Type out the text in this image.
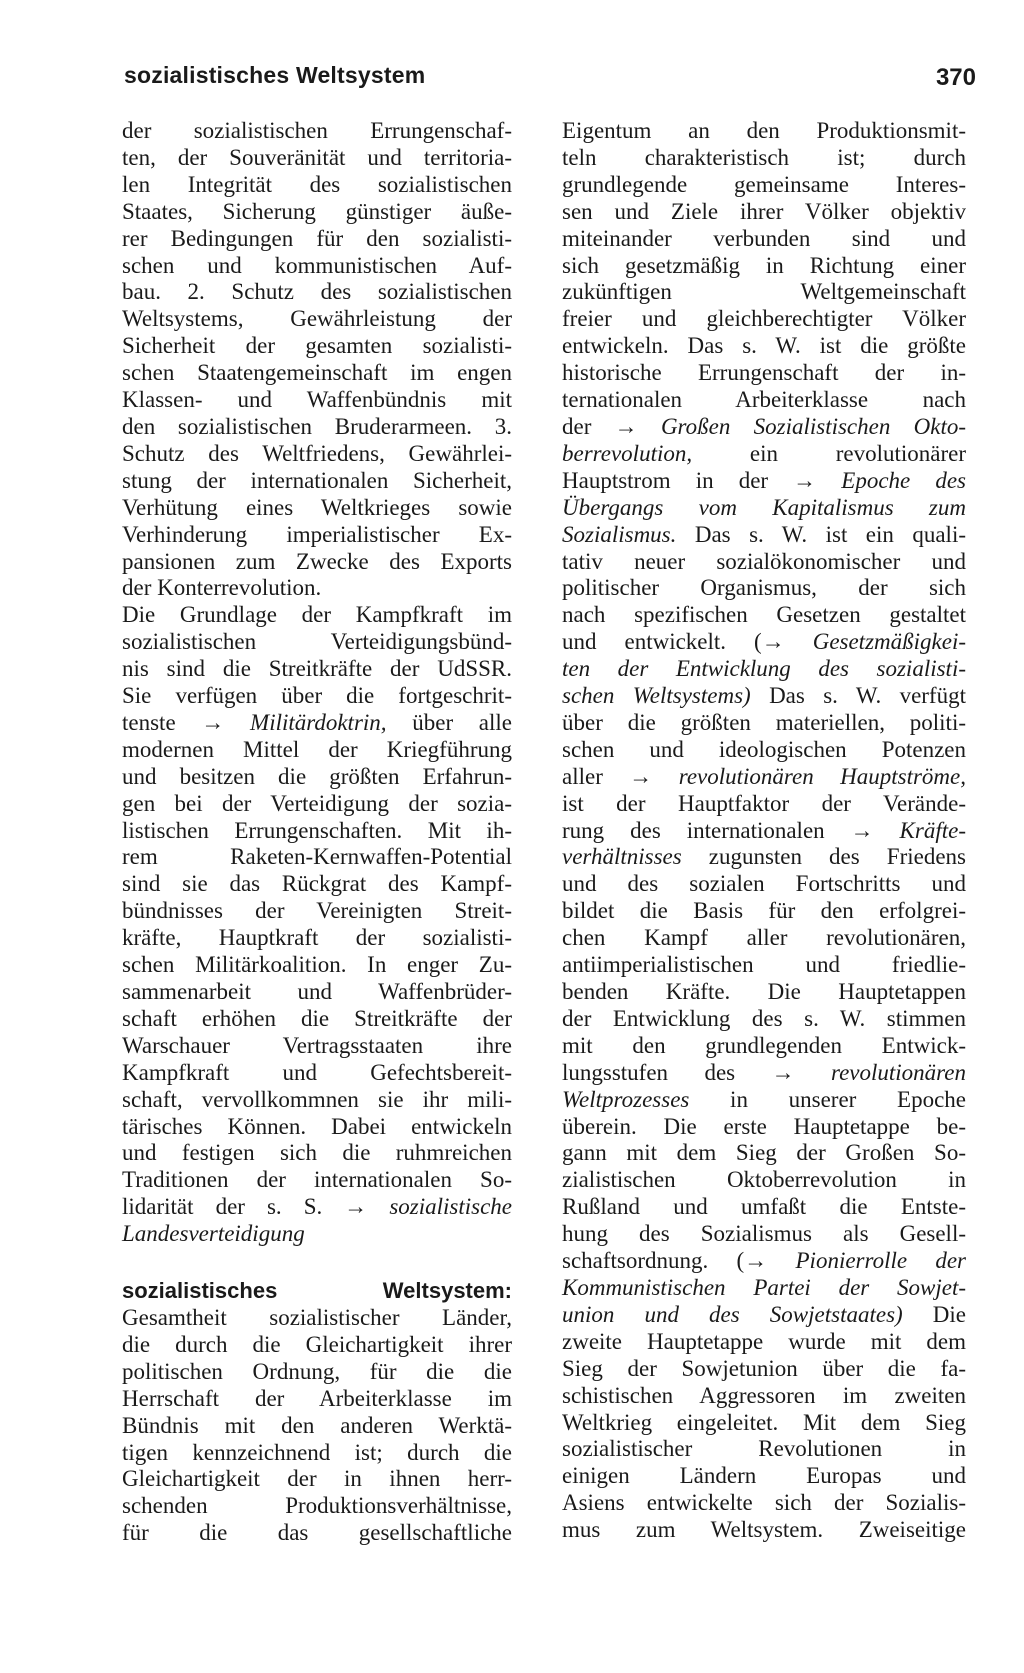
sozialistisches Weltsystem	370
der sozialistischen Errungenschaf-
ten, der Souveränität und territoria-
len Integrität des sozialistischen
Staates, Sicherung günstiger äuße-
rer Bedingungen für den sozialisti-
schen und kommunistischen Auf-
bau. 2. Schutz des sozialistischen
Weltsystems, Gewährleistung der
Sicherheit der gesamten sozialisti-
schen Staatengemeinschaft im engen
Klassen- und Waffenbündnis mit
den sozialistischen Bruderarmeen. 3.
Schutz des Weltfriedens, Gewährlei-
stung der internationalen Sicherheit,
Verhütung eines Weltkrieges sowie
Verhinderung imperialistischer Ex-
pansionen zum Zwecke des Exports
der Konterrevolution.
Die Grundlage der Kampfkraft im
sozialistischen Verteidigungsbünd-
nis sind die Streitkräfte der UdSSR.
Sie verfügen über die fortgeschrit-
tenste → Militärdoktrin, über alle
modernen Mittel der Kriegführung
und besitzen die größten Erfahrun-
gen bei der Verteidigung der sozia-
listischen Errungenschaften. Mit ih-
rem Raketen-Kernwaffen-Potential
sind sie das Rückgrat des Kampf-
bündnisses der Vereinigten Streit-
kräfte, Hauptkraft der sozialisti-
schen Militärkoalition. In enger Zu-
sammenarbeit und Waffenbrüder-
schaft erhöhen die Streitkräfte der
Warschauer Vertragsstaaten ihre
Kampfkraft und Gefechtsbereit-
schaft, vervollkommnen sie ihr mili-
tärisches Können. Dabei entwickeln
und festigen sich die ruhmreichen
Traditionen der internationalen So-
lidarität der s. S. → sozialistische
Landesverteidigung
sozialistisches Weltsystem:
Gesamtheit sozialistischer Länder,
die durch die Gleichartigkeit ihrer
politischen Ordnung, für die die
Herrschaft der Arbeiterklasse im
Bündnis mit den anderen Werktä-
tigen kennzeichnend ist; durch die
Gleichartigkeit der in ihnen herr-
schenden Produktionsverhältnisse,
für die das gesellschaftliche
Eigentum an den Produktionsmit-
teln charakteristisch ist; durch
grundlegende gemeinsame Interes-
sen und Ziele ihrer Völker objektiv
miteinander verbunden sind und
sich gesetzmäßig in Richtung einer
zukünftigen Weltgemeinschaft
freier und gleichberechtigter Völker
entwickeln. Das s. W. ist die größte
historische Errungenschaft der in-
ternationalen Arbeiterklasse nach
der → Großen Sozialistischen Okto-
berrevolution, ein revolutionärer
Hauptstrom in der → Epoche des
Übergangs vom Kapitalismus zum
Sozialismus. Das s. W. ist ein quali-
tativ neuer sozialökonomischer und
politischer Organismus, der sich
nach spezifischen Gesetzen gestaltet
und entwickelt. (→ Gesetzmäßigkei-
ten der Entwicklung des sozialisti-
schen Weltsystems) Das s. W. verfügt
über die größten materiellen, politi-
schen und ideologischen Potenzen
aller → revolutionären Hauptströme,
ist der Hauptfaktor der Verände-
rung des internationalen → Kräfte-
verhältnisses zugunsten des Friedens
und des sozialen Fortschritts und
bildet die Basis für den erfolgrei-
chen Kampf aller revolutionären,
antiimperialistischen und friedlie-
benden Kräfte. Die Hauptetappen
der Entwicklung des s. W. stimmen
mit den grundlegenden Entwick-
lungsstufen des → revolutionären
Weltprozesses in unserer Epoche
überein. Die erste Hauptetappe be-
gann mit dem Sieg der Großen So-
zialistischen Oktoberrevolution in
Rußland und umfaßt die Entste-
hung des Sozialismus als Gesell-
schaftsordnung. (→ Pionierrolle der
Kommunistischen Partei der Sowjet-
union und des Sowjetstaates) Die
zweite Hauptetappe wurde mit dem
Sieg der Sowjetunion über die fa-
schistischen Aggressoren im zweiten
Weltkrieg eingeleitet. Mit dem Sieg
sozialistischer Revolutionen in
einigen Ländern Europas und
Asiens entwickelte sich der Sozialis-
mus zum Weltsystem. Zweiseitige
